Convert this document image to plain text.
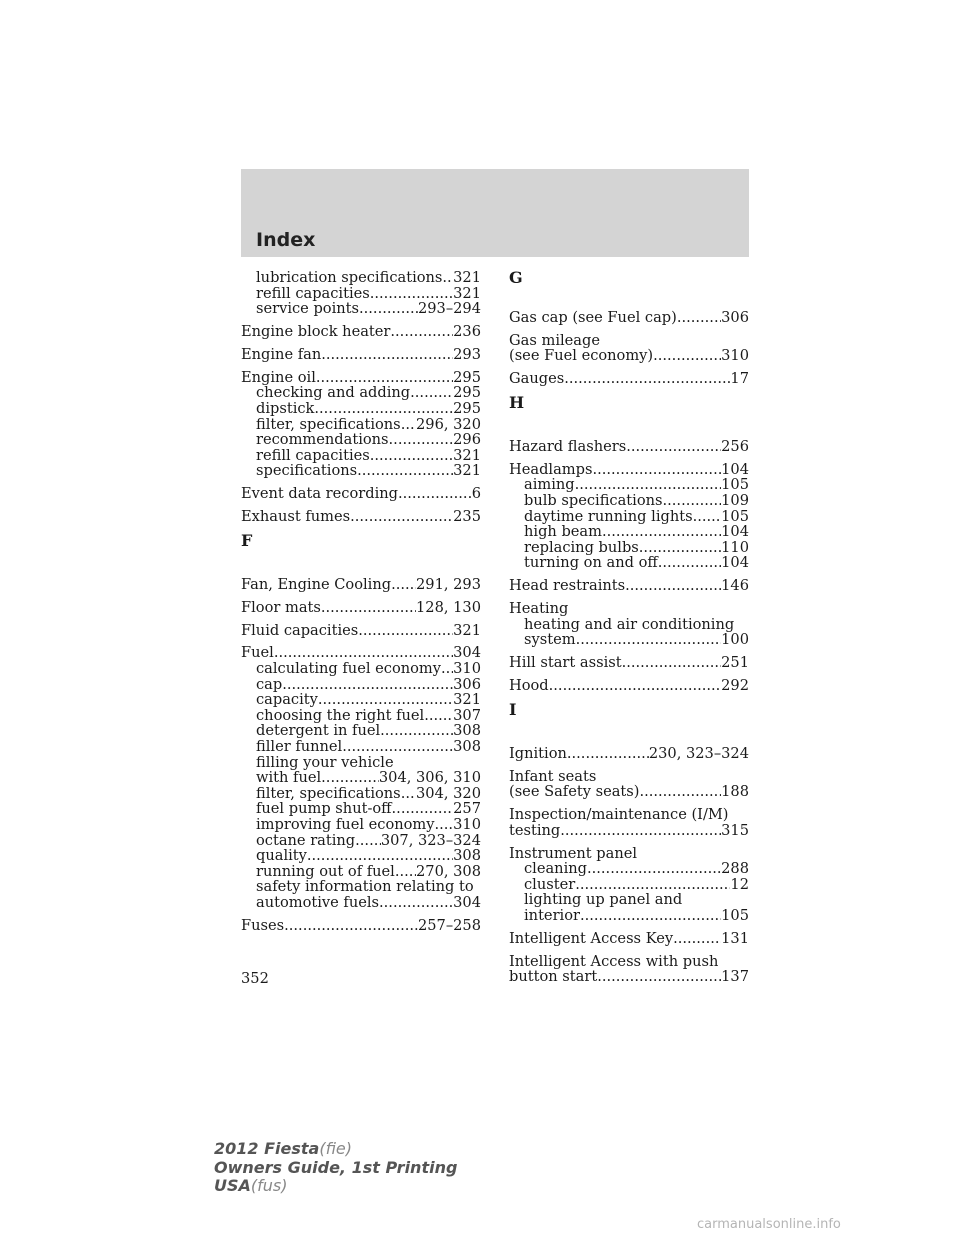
Index
lubrication specifications ..... 321
refill capacities .....	321
service points .....	293–294
Engine block heater .....	236
Engine fan .....	293
Engine oil .....	295
checking and adding .....	295
dipstick .....	295
filter, specifications ..... 296, 320
recommendations .....	296
refill capacities .....	321
specifications .....	321
Event data recording .....	6
Exhaust fumes .....	235
F
Fan, Engine Cooling ..... 291, 293
Floor mats .....	128, 130
Fluid capacities .....	321
Fuel .....	304
calculating fuel economy ..... 310
cap .....	306
capacity .....	321
choosing the right fuel ..... 307
detergent in fuel .....	308
filler funnel .....	308
filling your vehicle
with fuel .....	304, 306, 310
filter, specifications ..... 304, 320
fuel pump shut-off .....	257
improving fuel economy ..... 310
octane rating ..... 307, 323–324
quality .....	308
running out of fuel ..... 270, 308
safety information relating to
automotive fuels .....	304
Fuses .....	257–258
G
Gas cap (see Fuel cap) .....	306
Gas mileage
(see Fuel economy) .....	310
Gauges .....	17
H
Hazard flashers .....	256
Headlamps .....	104
aiming .....	105
bulb specifications .....	109
daytime running lights ..... 105
high beam .....	104
replacing bulbs .....	110
turning on and off .....	104
Head restraints .....	146
Heating
heating and air conditioning
system .....	100
Hill start assist .....	251
Hood .....	292
I
Ignition .....	230, 323–324
Infant seats
(see Safety seats) .....	188
Inspection/maintenance (I/M)
testing .....	315
Instrument panel
cleaning .....	288
cluster .....	12
lighting up panel and
interior .....	105
Intelligent Access Key .....	131
Intelligent Access with push
button start .....	137
352
2012 Fiesta(fie)
Owners Guide, 1st Printing
USA(fus)
carmanualsonline.info
